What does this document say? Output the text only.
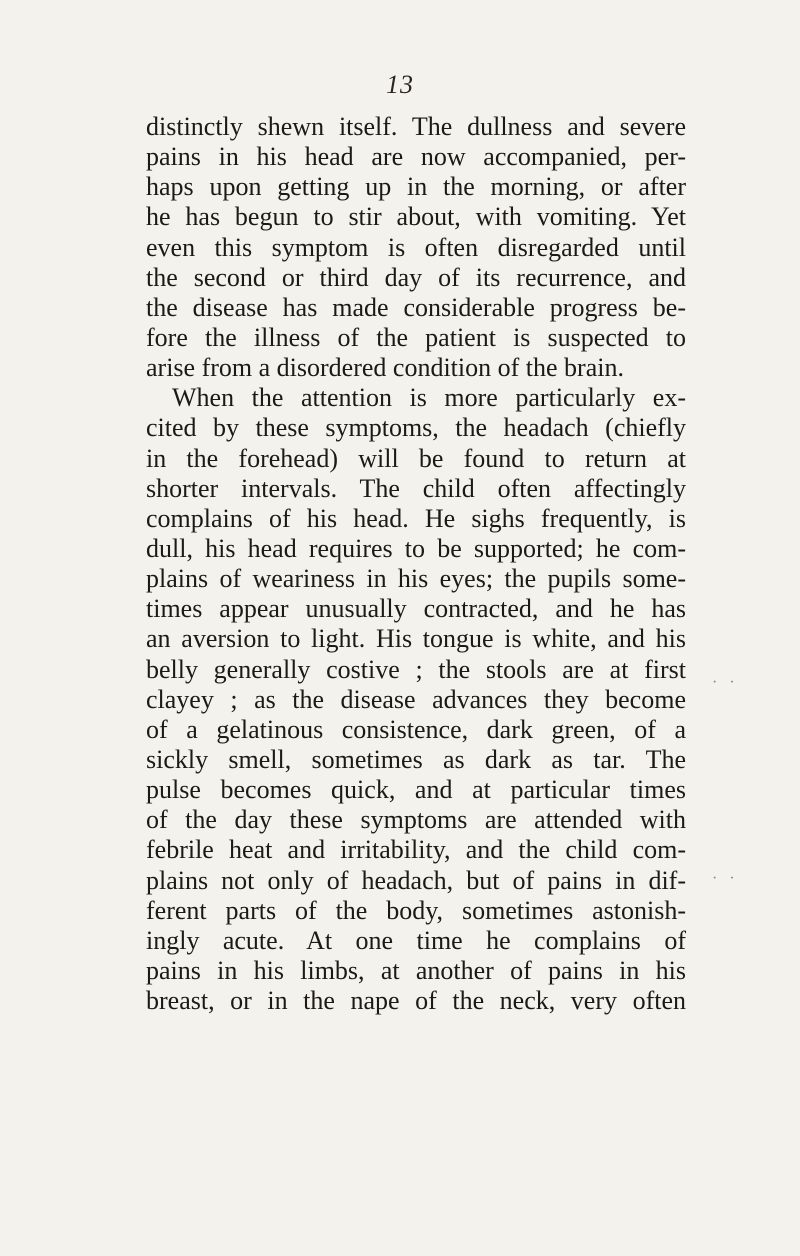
13
distinctly shewn itself. The dullness and severe
pains in his head are now accompanied, per-
haps upon getting up in the morning, or after
he has begun to stir about, with vomiting. Yet
even this symptom is often disregarded until
the second or third day of its recurrence, and
the disease has made considerable progress be-
fore the illness of the patient is suspected to
arise from a disordered condition of the brain.
When the attention is more particularly ex-
cited by these symptoms, the headach (chiefly
in the forehead) will be found to return at
shorter intervals. The child often affectingly
complains of his head. He sighs frequently, is
dull, his head requires to be supported; he com-
plains of weariness in his eyes; the pupils some-
times appear unusually contracted, and he has
an aversion to light. His tongue is white, and his
belly generally costive ; the stools are at first
clayey ; as the disease advances they become
of a gelatinous consistence, dark green, of a
sickly smell, sometimes as dark as tar. The
pulse becomes quick, and at particular times
of the day these symptoms are attended with
febrile heat and irritability, and the child com-
plains not only of headach, but of pains in dif-
ferent parts of the body, sometimes astonish-
ingly acute. At one time he complains of
pains in his limbs, at another of pains in his
breast, or in the nape of the neck, very often
·   ·
·   ·
